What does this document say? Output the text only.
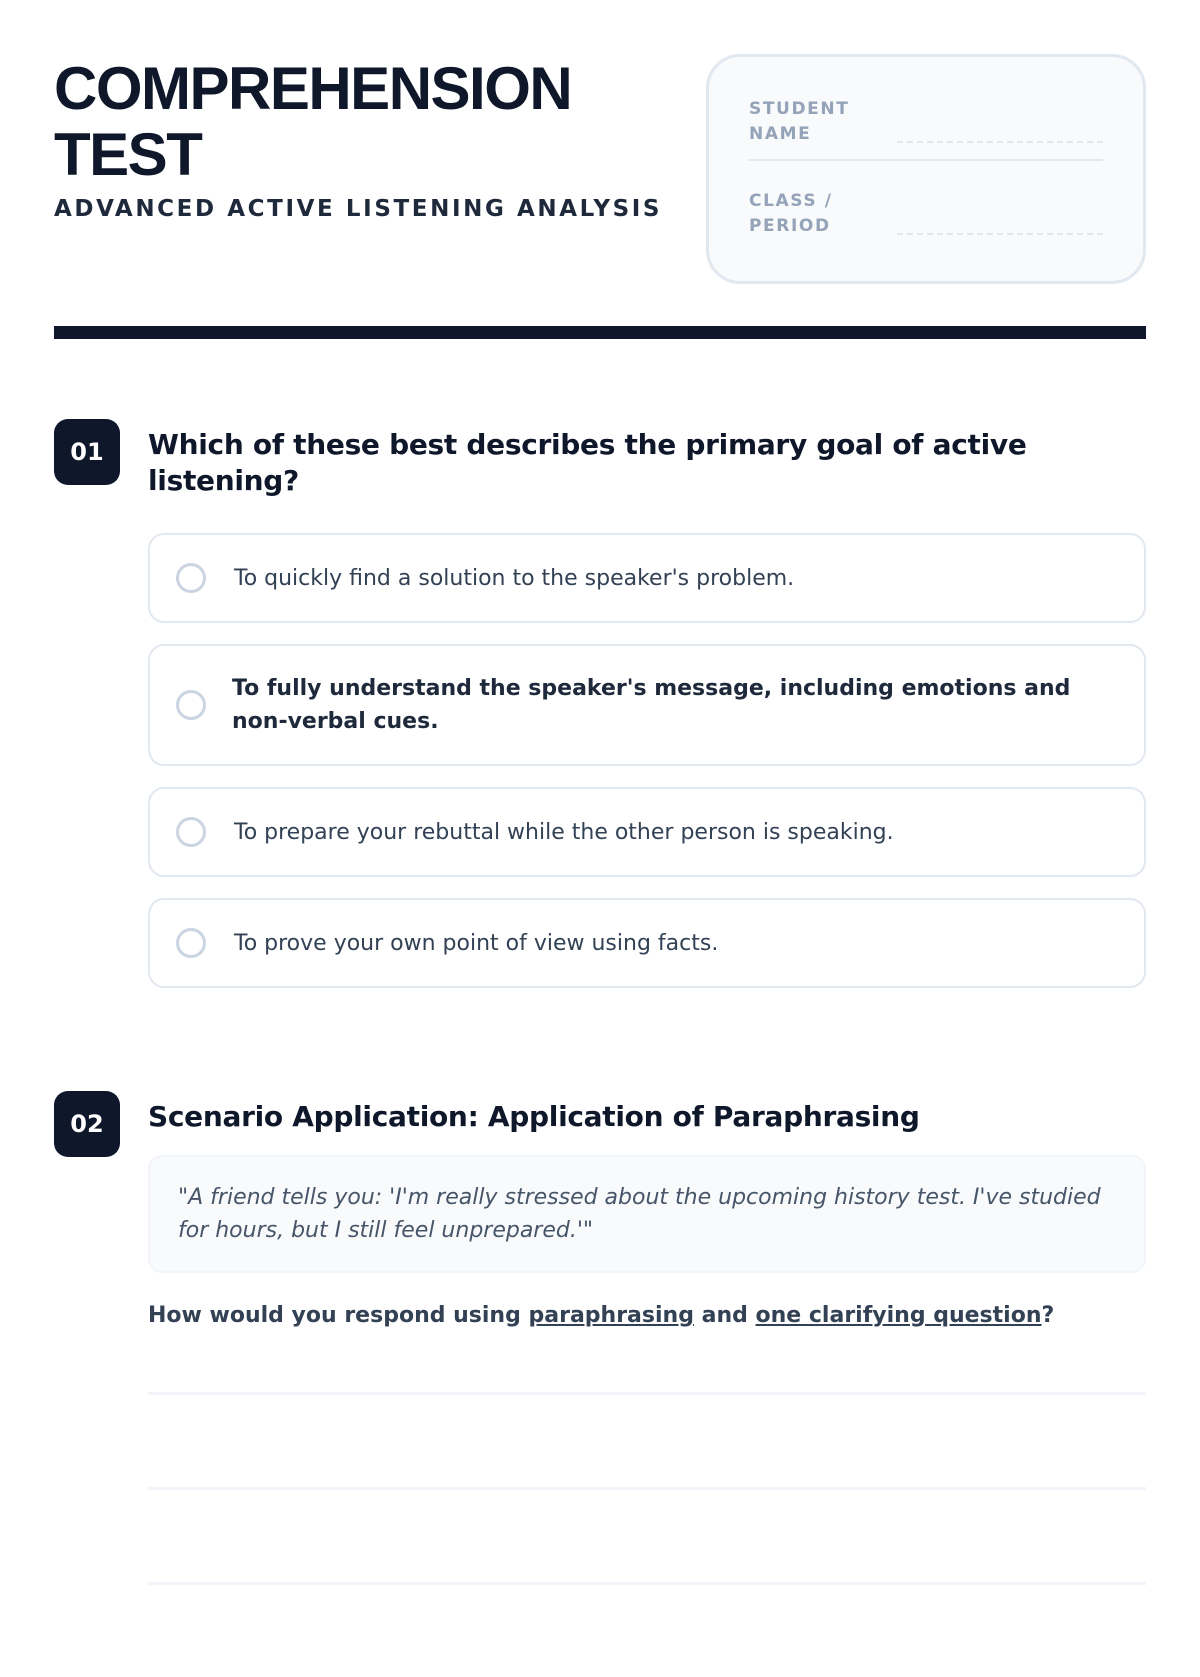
COMPREHENSION
TEST
ADVANCED ACTIVE LISTENING ANALYSIS
STUDENT
NAME
CLASS /
PERIOD
01	Which of these best describes the primary goal of active listening?
To quickly find a solution to the speaker's problem.
To fully understand the speaker's message, including emotions and non-verbal cues.
To prepare your rebuttal while the other person is speaking.
To prove your own point of view using facts.
02	Scenario Application: Application of Paraphrasing
"A friend tells you: 'I'm really stressed about the upcoming history test. I've studied for hours, but I still feel unprepared.'"
How would you respond using paraphrasing and one clarifying question?
